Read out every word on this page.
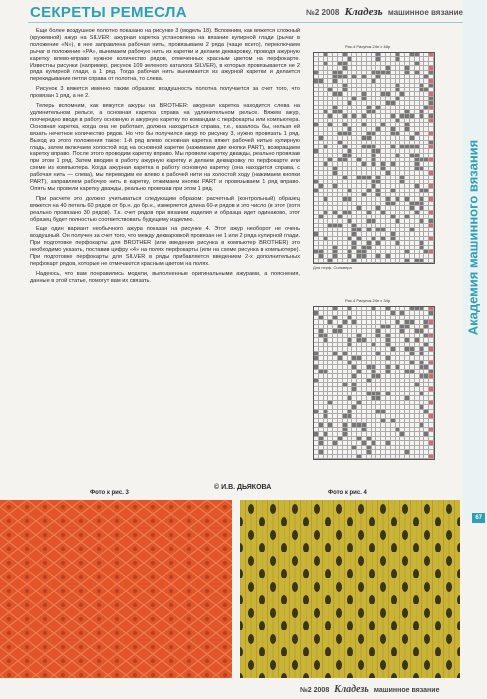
СЕКРЕТЫ РЕМЕСЛА	№2 2008 Кладезь машинное вязание
Академия машинного вязания

Еще более воздушное полотно показано на рисунке 3 (модель 18). Вспомним, как вяжется сложный (кружевной) ажур на SILVER: ажурная каретка установлена на вязание кулирной глади (рычаг в положение «N»), в нее заправлена рабочая нить, провязываем 2 ряда (чаще всего), переключаем рычаг в положение «PA», вынимаем рабочую нить из каретки и делаем декваровку, проводя ажурную каретку влево-вправо нужное количество рядов, отмеченных красным цветом на перфокарте. Известны рисунки (например, рисунок 109 зеленого каталога SILVER), в которых провязывается не 2 ряда кулирной глади, а 1 ряд. Тогда рабочая нить вынимается из ажурной каретки и делается перекидывание петли справа от полотна, то слева.

Рисунок 3 вяжется именно таким образом: воздушность полотна получается за счет того, что провязан 1 ряд, а не 2.

Теперь вспомним, как вяжутся ажуры на BROTHER: ажурная каретка находится слева на удлинительном рельсе, а основная каретка справа на удлинительном рельсе. Вяжем ажур, поочередно вводя в работу основную и ажурную каретку по командам с перфокарты или компьютера. Основная каретка, когда она не работает, должна находиться справа, т.е., казалось бы, нельзя ей вязать нечетное количество рядов. Но что бы получился ажур по рисунку 3, нужно провязать 1 ряд. Выход из этого положения такое: 1-й ряд влево основная каретка вяжет рабочей нитью кулирную гладь, затем включаем холостой ход на основной каретке (нажимаем две кнопки PART), возвращаем каретку вправо. После этого проводим каретку вправо. Мы провели каретку дважды, реально провязав при этом 1 ряд. Затем вводим в работу ажурную каретку и делаем декваровку по перфокарте или схеме из компьютера. Когда ажурная каретка в работу основную каретку (она находится справа, с рабочая нить — слева), мы переводим ее влево к рабочей нити на холостой ходу (нажимаем кнопки PART), заправляем рабочую нить в каретку, отжимаем кнопки PART и провязываем 1 ряд вправо. Опять мы провели каретку дважды, реально провязав при этом 1 ряд.

При расчете это должно учитываться следующим образом: расчетный (контрольный) образец вяжется на 40 петель 60 рядов от бр.н. до бр.н., измеряется длина 60-и рядов и это число (в этот (хотя реально провязано 30 рядов). Т.к. счет рядов при вязании изделия и образца идет одинаково, этот образец будет полностью соответствовать будущему изделию.

Еще один вариант необычного ажура показан на рисунке 4. Этот ажур необорот не очень воздушный. Он получен за счет того, что между декваровкой провязан не 1 или 2 ряда кулирной глади. При подготовке перфокарты для BROTHER (или введении рисунка в компьютер BROTHER) это необходимо указать, поставив цифру «4» на полях перфокарты (или на схеме рисунка в компьютере). При подготовке перфокарты для SILVER в ряды прибавляется введением 2-х дополнительных перфокарт рядов, которые не отмечаются красным цветом на полях.

Надеюсь, что вам понравились модели, выполненные оригинальными ажурами, а пояснения, данные в этой статье, помогут вам их связать.

© И.В. ДЬЯКОВА
Рис.4 Рисунок 24п х 48р
Для перф. Сильвера
Рис.4 Рисунок 24п х 34р
Фото к рис. 3	Фото к рис. 4
67
№2 2008 Кладезь машинное вязание
